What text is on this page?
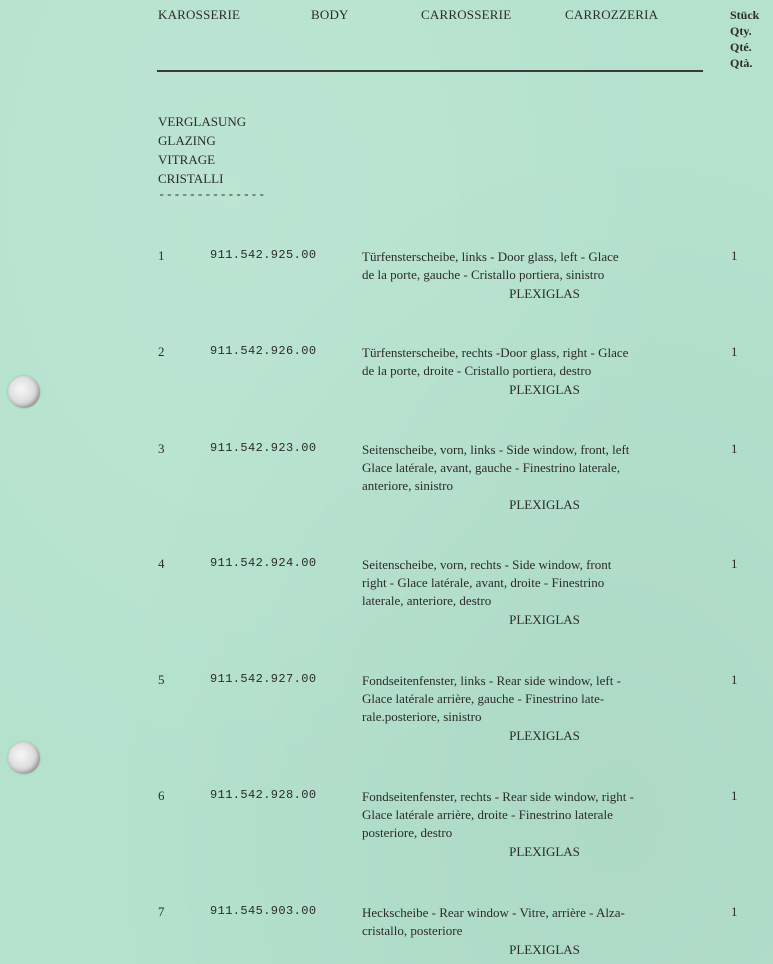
KAROSSERIE	BODY	CARROSSERIE	CARROZZERIA	Stück
Qty.
Qté.
Qtà.
VERGLASUNG
GLAZING
VITRAGE
CRISTALLI
--------------
1	911.542.925.00	Türfensterscheibe, links - Door glass, left - Glace
de la porte, gauche - Cristallo portiera, sinistro
PLEXIGLAS
1
2	911.542.926.00	Türfensterscheibe, rechts -Door glass, right - Glace
de la porte, droite - Cristallo portiera, destro
PLEXIGLAS
1
3	911.542.923.00	Seitenscheibe, vorn, links - Side window, front, left
Glace latérale, avant, gauche - Finestrino laterale,
anteriore, sinistro
PLEXIGLAS
1
4	911.542.924.00	Seitenscheibe, vorn, rechts - Side window, front
right - Glace latérale, avant, droite - Finestrino
laterale, anteriore, destro
PLEXIGLAS
1
5	911.542.927.00	Fondseitenfenster, links - Rear side window, left -
Glace latérale arrière, gauche - Finestrino late-
rale.posteriore, sinistro
PLEXIGLAS
1
6	911.542.928.00	Fondseitenfenster, rechts - Rear side window, right -
Glace latérale arrière, droite - Finestrino laterale
posteriore, destro
PLEXIGLAS
1
7	911.545.903.00	Heckscheibe - Rear window - Vitre, arrière - Alza-
cristallo, posteriore
PLEXIGLAS
1
